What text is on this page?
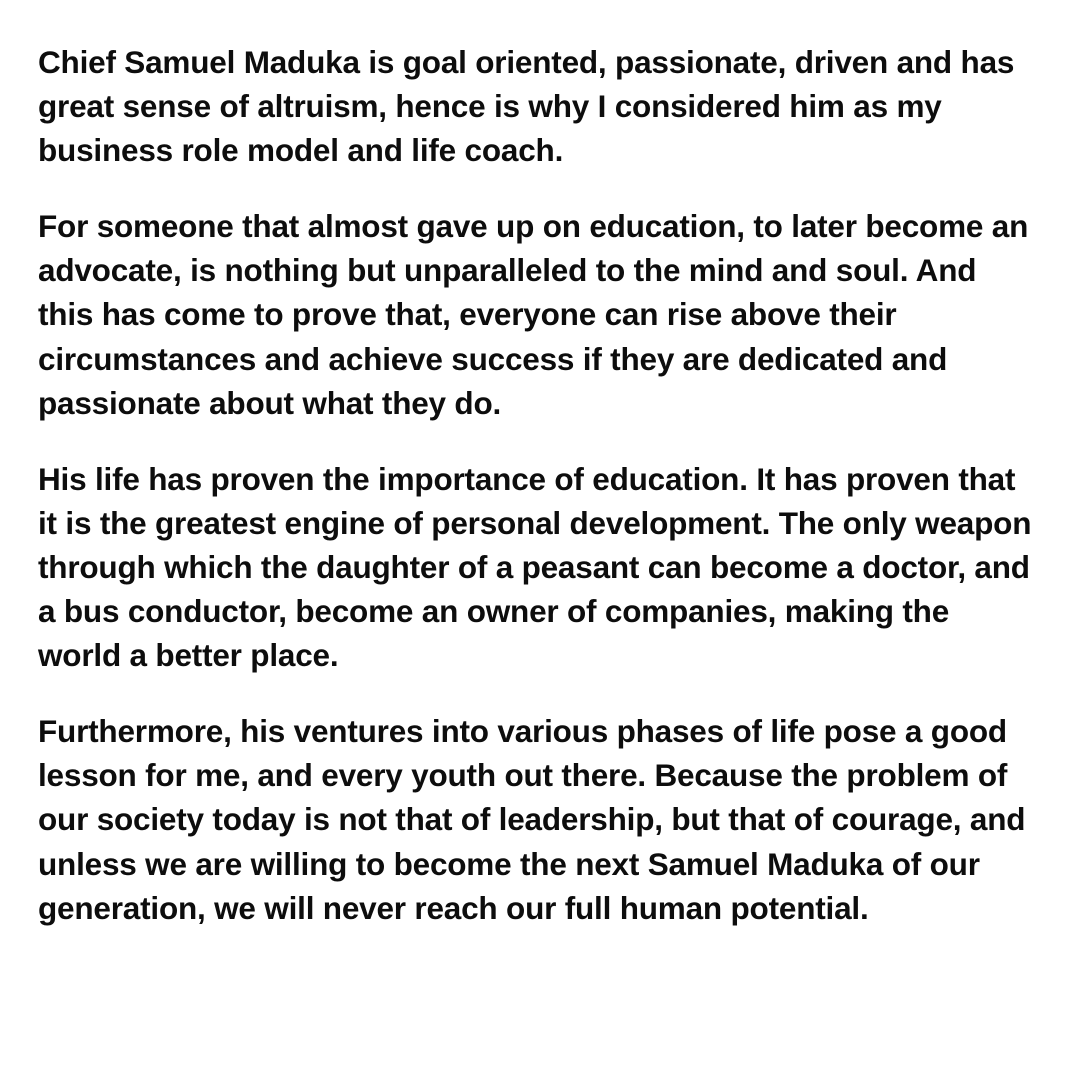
Chief Samuel Maduka is goal oriented, passionate, driven and has great sense of altruism, hence is why I considered him as my business role model and life coach.

For someone that almost gave up on education, to later become an advocate, is nothing but unparalleled to the mind and soul. And this has come to prove that, everyone can rise above their circumstances and achieve success if they are dedicated and passionate about what they do.

His life has proven the importance of education. It has proven that it is the greatest engine of personal development. The only weapon through which the daughter of a peasant can become a doctor, and a bus conductor, become an owner of companies, making the world a better place.

Furthermore, his ventures into various phases of life pose a good lesson for me, and every youth out there. Because the problem of our society today is not that of leadership, but that of courage, and unless we are willing to become the next Samuel Maduka of our generation, we will never reach our full human potential.
